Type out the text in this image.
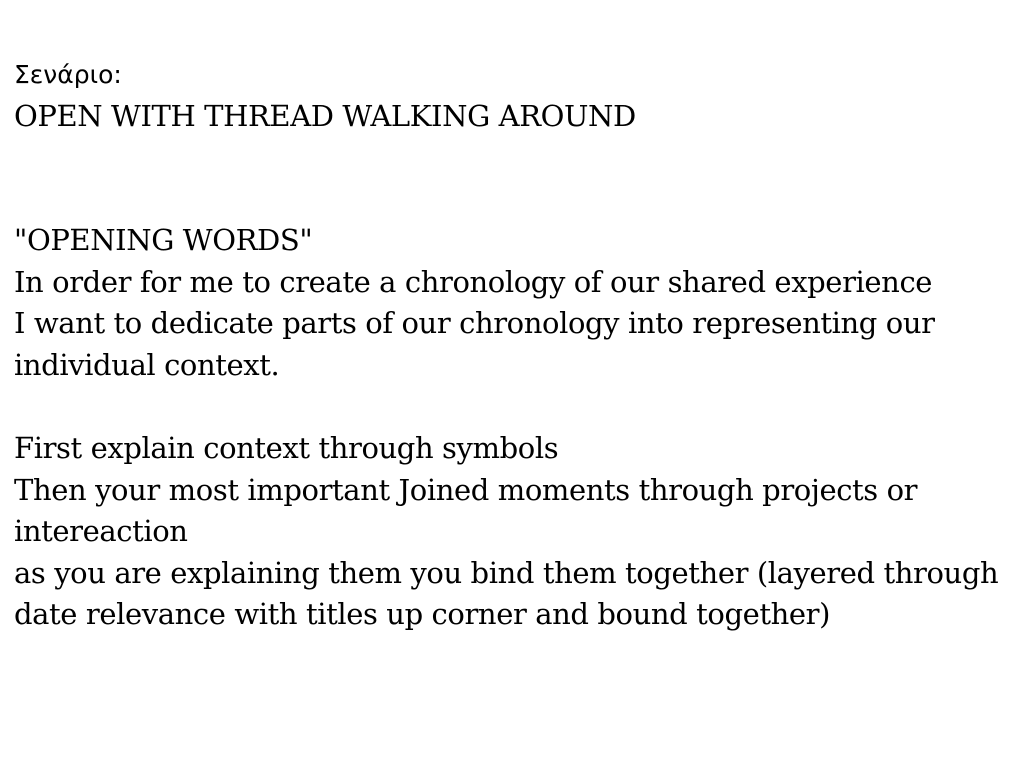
Σενάριο:
OPEN WITH THREAD WALKING AROUND
"OPENING WORDS"
In order for me to create a chronology of our shared experience
I want to dedicate parts of our chronology into representing our individual context.
First explain context through symbols
Then your most important Joined moments through projects or intereaction
as you are explaining them you bind them together (layered through date relevance with titles up corner and bound together)
